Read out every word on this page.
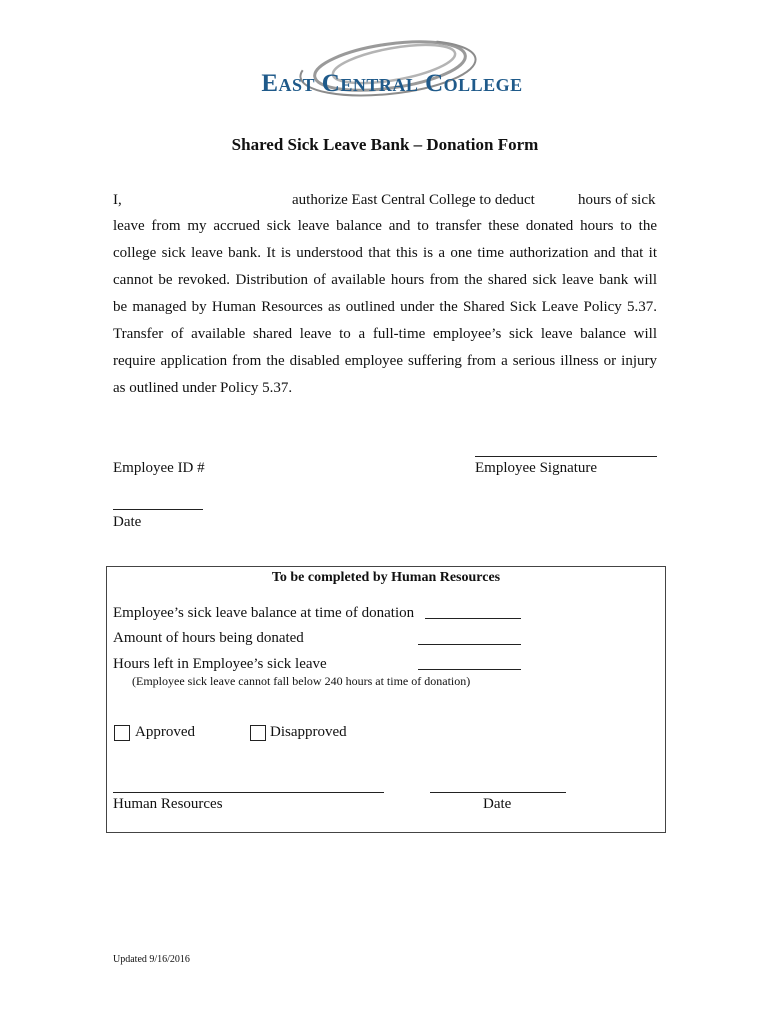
East Central College
Shared Sick Leave Bank – Donation Form
I,	authorize East Central College to deduct	hours of sick
leave from my accrued sick leave balance and to transfer these donated hours to the
college sick leave bank. It is understood that this is a one time authorization and that it
cannot be revoked. Distribution of available hours from the shared sick leave bank will
be managed by Human Resources as outlined under the Shared Sick Leave Policy 5.37.
Transfer of available shared leave to a full-time employee’s sick leave balance will
require application from the disabled employee suffering from a serious illness or injury
as outlined under Policy 5.37.
Employee ID #	Employee Signature
Date
To be completed by Human Resources
Employee’s sick leave balance at time of donation
Amount of hours being donated
Hours left in Employee’s sick leave
(Employee sick leave cannot fall below 240 hours at time of donation)
Approved	Disapproved
Human Resources	Date
Updated 9/16/2016
